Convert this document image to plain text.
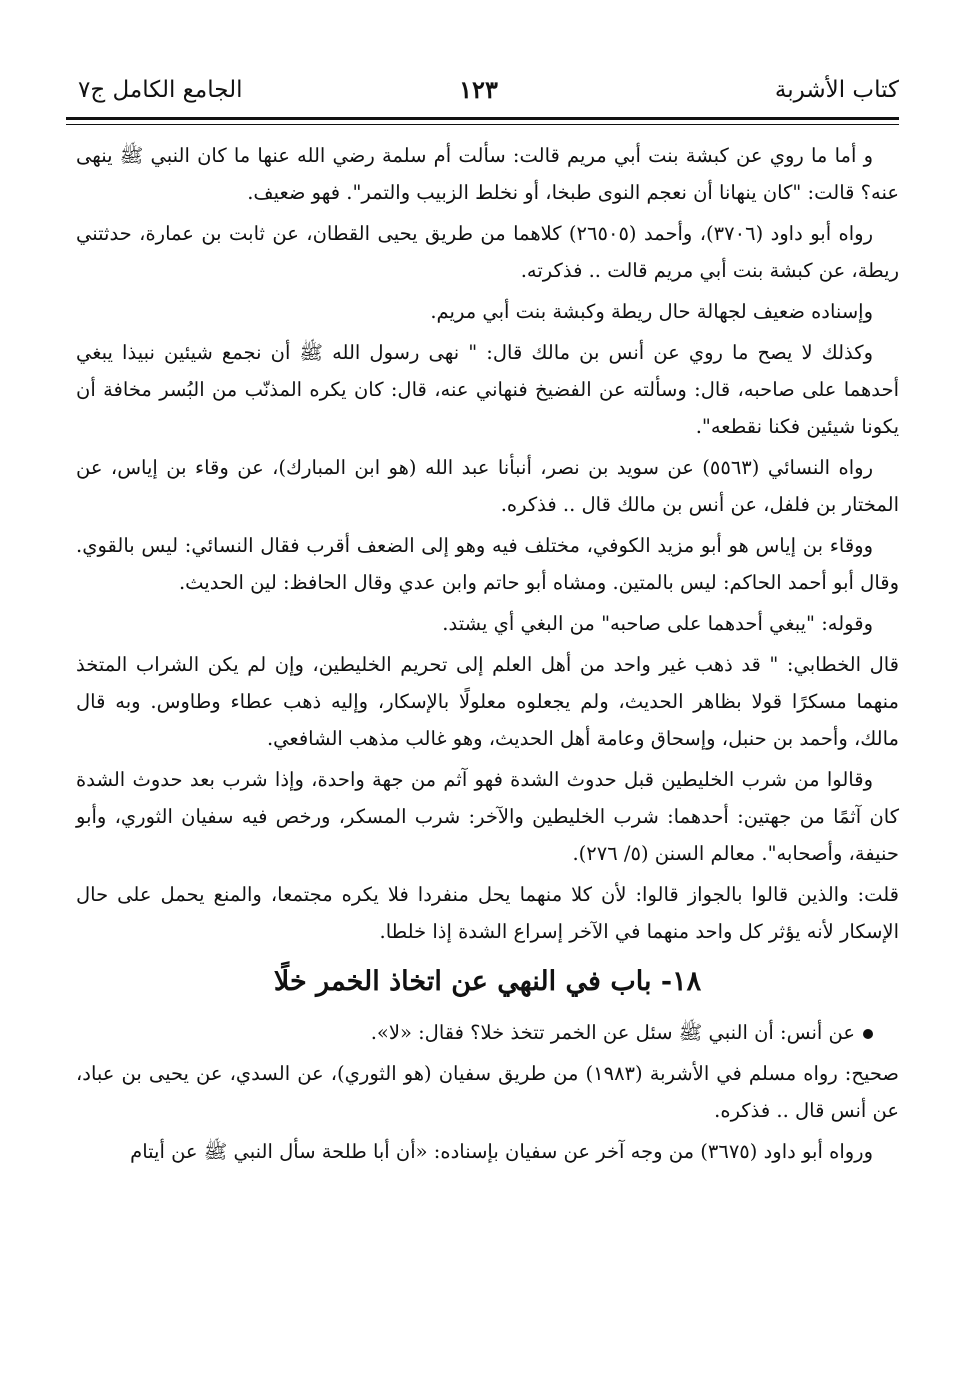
كتاب الأشربة
١٢٣
الجامع الكامل ج٧

و أما ما روي عن كبشة بنت أبي مريم قالت: سألت أم سلمة رضي الله عنها ما كان النبي ﷺ ينهى عنه؟ قالت: "كان ينهانا أن نعجم النوى طبخا، أو نخلط الزبيب والتمر". فهو ضعيف.

رواه أبو داود (٣٧٠٦)، وأحمد (٢٦٥٠٥) كلاهما من طريق يحيى القطان، عن ثابت بن عمارة، حدثتني ريطة، عن كبشة بنت أبي مريم قالت .. فذكرته.

وإسناده ضعيف لجهالة حال ريطة وكبشة بنت أبي مريم.

وكذلك لا يصح ما روي عن أنس بن مالك قال: " نهى رسول الله ﷺ أن نجمع شيئين نبيذا يبغي أحدهما على صاحبه، قال: وسألته عن الفضيخ فنهاني عنه، قال: كان يكره المذنّب من البُسر مخافة أن يكونا شيئين فكنا نقطعه".

رواه النسائي (٥٥٦٣) عن سويد بن نصر، أنبأنا عبد الله (هو ابن المبارك)، عن وقاء بن إياس، عن المختار بن فلفل، عن أنس بن مالك قال .. فذكره.

ووقاء بن إياس هو أبو مزيد الكوفي، مختلف فيه وهو إلى الضعف أقرب فقال النسائي: ليس بالقوي. وقال أبو أحمد الحاكم: ليس بالمتين. ومشاه أبو حاتم وابن عدي وقال الحافظ: لين الحديث.

وقوله: "يبغي أحدهما على صاحبه" من البغي أي يشتد.

قال الخطابي: " قد ذهب غير واحد من أهل العلم إلى تحريم الخليطين، وإن لم يكن الشراب المتخذ منهما مسكرًا قولا بظاهر الحديث، ولم يجعلوه معلولًا بالإسكار، وإليه ذهب عطاء وطاوس. وبه قال مالك، وأحمد بن حنبل، وإسحاق وعامة أهل الحديث، وهو غالب مذهب الشافعي.

وقالوا من شرب الخليطين قبل حدوث الشدة فهو آثم من جهة واحدة، وإذا شرب بعد حدوث الشدة كان آثمًا من جهتين: أحدهما: شرب الخليطين والآخر: شرب المسكر، ورخص فيه سفيان الثوري، وأبو حنيفة، وأصحابه". معالم السنن (٥/ ٢٧٦).

قلت: والذين قالوا بالجواز قالوا: لأن كلا منهما يحل منفردا فلا يكره مجتمعا، والمنع يحمل على حال الإسكار لأنه يؤثر كل واحد منهما في الآخر إسراع الشدة إذا خلطا.

١٨- باب في النهي عن اتخاذ الخمر خلًا

عن أنس: أن النبي ﷺ سئل عن الخمر تتخذ خلا؟ فقال: «لا».

صحيح: رواه مسلم في الأشربة (١٩٨٣) من طريق سفيان (هو الثوري)، عن السدي، عن يحيى بن عباد، عن أنس قال .. فذكره.

ورواه أبو داود (٣٦٧٥) من وجه آخر عن سفيان بإسناده: «أن أبا طلحة سأل النبي ﷺ عن أيتام
